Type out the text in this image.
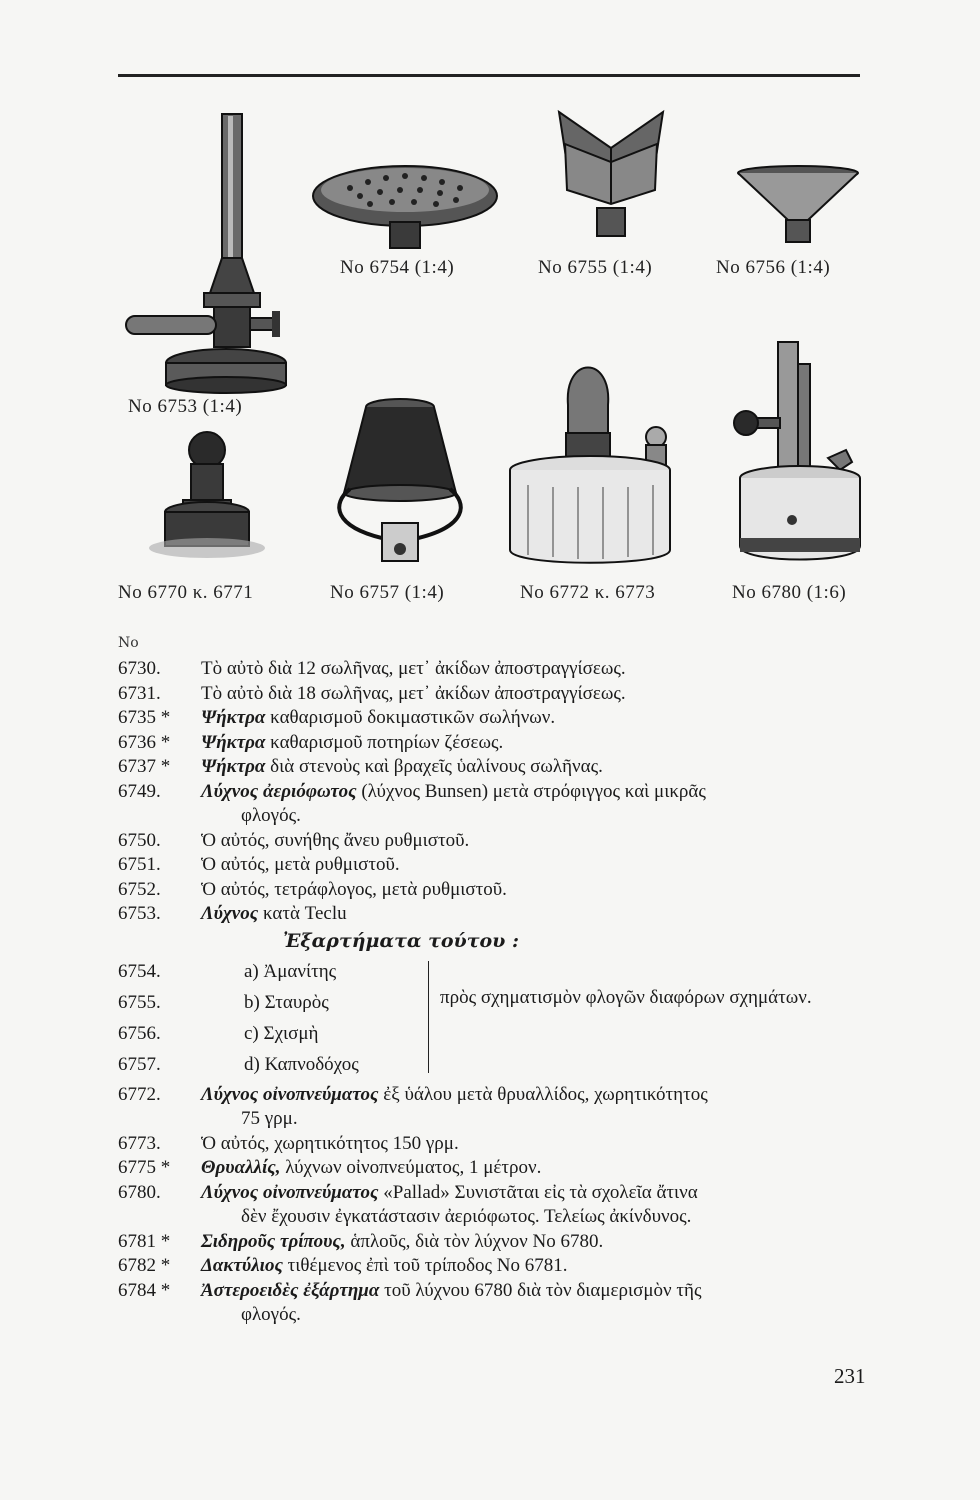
No 6753 (1:4)
No 6754 (1:4)	No 6755 (1:4)	No 6756 (1:4)
No 6770 κ. 6771	No 6757 (1:4)	No 6772 κ. 6773	No 6780 (1:6)
No
6730.	Τὸ αὐτὸ διὰ 12 σωλῆνας, μετ᾽ ἀκίδων ἀποστραγγίσεως.
6731.	Τὸ αὐτὸ διὰ 18 σωλῆνας, μετ᾽ ἀκίδων ἀποστραγγίσεως.
6735 *	Ψήκτρα καθαρισμοῦ δοκιμαστικῶν σωλήνων.
6736 *	Ψήκτρα καθαρισμοῦ ποτηρίων ζέσεως.
6737 *	Ψήκτρα διὰ στενοὺς καὶ βραχεῖς ὑαλίνους σωλῆνας.
6749.	Λύχνος ἀεριόφωτος (λύχνος Bunsen) μετὰ στρόφιγγος καὶ μικρᾶς
φλογός.
6750.	Ὁ αὐτός, συνήθης ἄνευ ρυθμιστοῦ.
6751.	Ὁ αὐτός, μετὰ ρυθμιστοῦ.
6752.	Ὁ αὐτός, τετράφλογος, μετὰ ρυθμιστοῦ.
6753.	Λύχνος κατὰ Teclu
Ἐξαρτήματα τούτου :
6754.	a) Ἀμανίτης
6755.	b) Σταυρὸς
6756.	c) Σχισμὴ
6757.	d) Καπνοδόχος
πρὸς σχηματισμὸν φλογῶν διαφόρων σχημάτων.
6772.	Λύχνος οἰνοπνεύματος ἐξ ὑάλου μετὰ θρυαλλίδος, χωρητικότητος
75 γρμ.
6773.	Ὁ αὐτός, χωρητικότητος 150 γρμ.
6775 *	Θρυαλλίς, λύχνων οἰνοπνεύματος, 1 μέτρον.
6780.	Λύχνος οἰνοπνεύματος «Pallad» Συνιστᾶται εἰς τὰ σχολεῖα ἄτινα
δὲν ἔχουσιν ἐγκατάστασιν ἀεριόφωτος. Τελείως ἀκίνδυνος.
6781 *	Σιδηροῦς τρίπους, ἁπλοῦς, διὰ τὸν λύχνον No 6780.
6782 *	Δακτύλιος τιθέμενος ἐπὶ τοῦ τρίποδος No 6781.
6784 *	Ἀστεροειδὲς ἐξάρτημα τοῦ λύχνου 6780 διὰ τὸν διαμερισμὸν τῆς
φλογός.
231
